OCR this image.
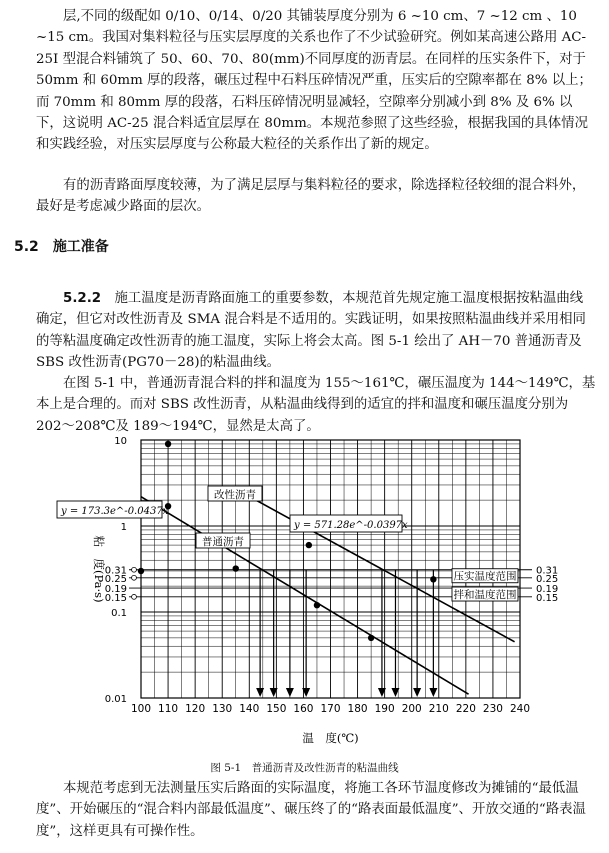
层,不同的级配如 0/10、0/14、0/20 其铺装厚度分别为 6 ~10 cm、7 ~12 cm 、10 ~15 cm。我国对集料粒径与压实层厚度的关系也作了不少试验研究。例如某高速公路用 AC-25I 型混合料铺筑了 50、60、70、80(mm)不同厚度的沥青层。在同样的压实条件下，对于 50mm 和 60mm 厚的段落，碾压过程中石料压碎情况严重，压实后的空隙率都在 8% 以上；而 70mm 和 80mm 厚的段落，石料压碎情况明显减轻，空隙率分别减小到 8% 及 6% 以下，这说明 AC-25 混合料适宜层厚在 80mm。本规范参照了这些经验，根据我国的具体情况和实践经验，对压实层厚度与公称最大粒径的关系作出了新的规定。

有的沥青路面厚度较薄，为了满足层厚与集料粒径的要求，除选择粒径较细的混合料外，最好是考虑减少路面的层次。

5.2 施工准备

5.2.2　 施工温度是沥青路面施工的重要参数，本规范首先规定施工温度根据按粘温曲线确定，但它对改性沥青及 SMA 混合料是不适用的。实践证明，如果按照粘温曲线并采用相同的等粘温度确定改性沥青的施工温度，实际上将会太高。图 5-1 绘出了 AH－70 普通沥青及 SBS 改性沥青(PG70－28)的粘温曲线。

在图 5-1 中，普通沥青混合料的拌和温度为 155～161℃，碾压温度为 144～149℃，基本上是合理的。而对 SBS 改性沥青，从粘温曲线得到的适宜的拌和温度和碾压温度分别为 202～208℃及 189～194℃，显然是太高了。

100 110 120 130 140 150 160 170 180 190 200 210 220 230 240
10
1
0.31
0.25
0.19
0.15
0.1
0.01
0.31
0.25
0.19
0.15
温　度(℃)
粘　度(Pa·s)	压实温度范围
拌和温度范围
改性沥青
普通沥青
y = 173.3e^-0.0437x
y = 571.28e^-0.0397x

图 5-1　普通沥青及改性沥青的粘温曲线

本规范考虑到无法测量压实后路面的实际温度，将施工各环节温度修改为摊铺的“最低温度”、开始碾压的“混合料内部最低温度”、碾压终了的“路表面最低温度”、开放交通的“路表温度”，这样更具有可操作性。
